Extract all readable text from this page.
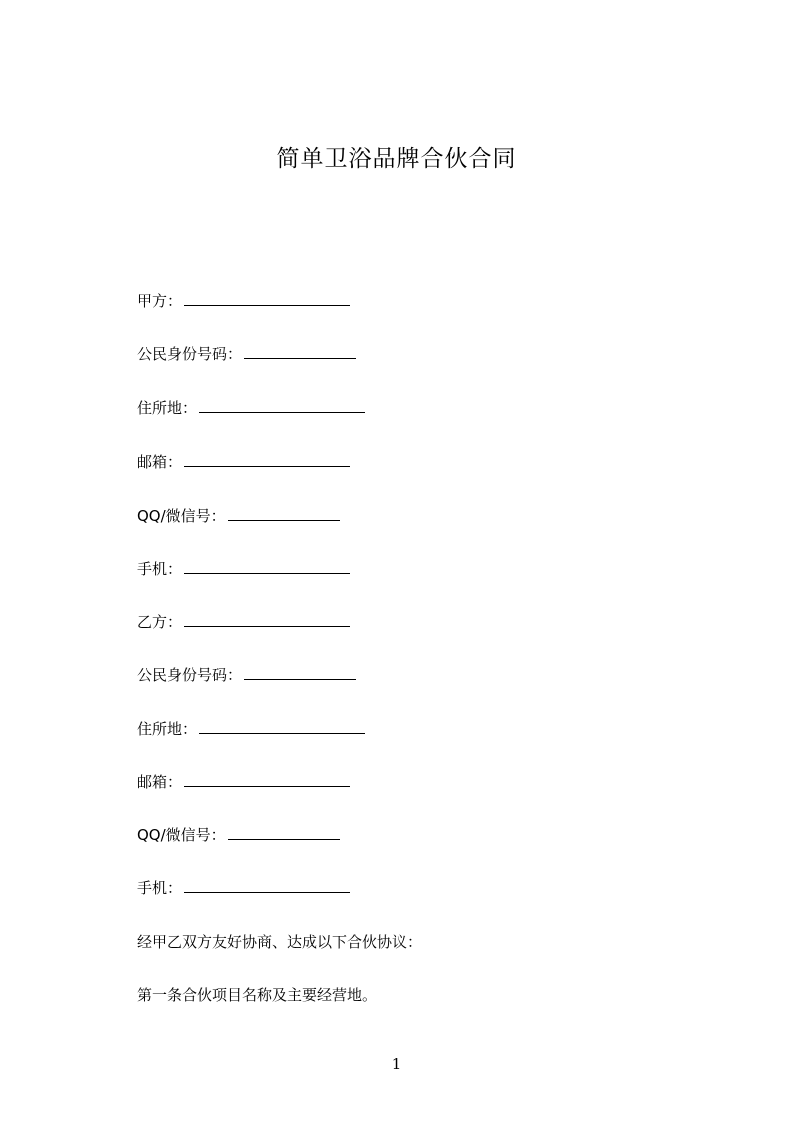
简单卫浴品牌合伙合同
甲方：
公民身份号码：
住所地：
邮箱：
QQ/微信号：
手机：
乙方：
公民身份号码：
住所地：
邮箱：
QQ/微信号：
手机：
经甲乙双方友好协商、达成以下合伙协议：
第一条合伙项目名称及主要经营地。
1
